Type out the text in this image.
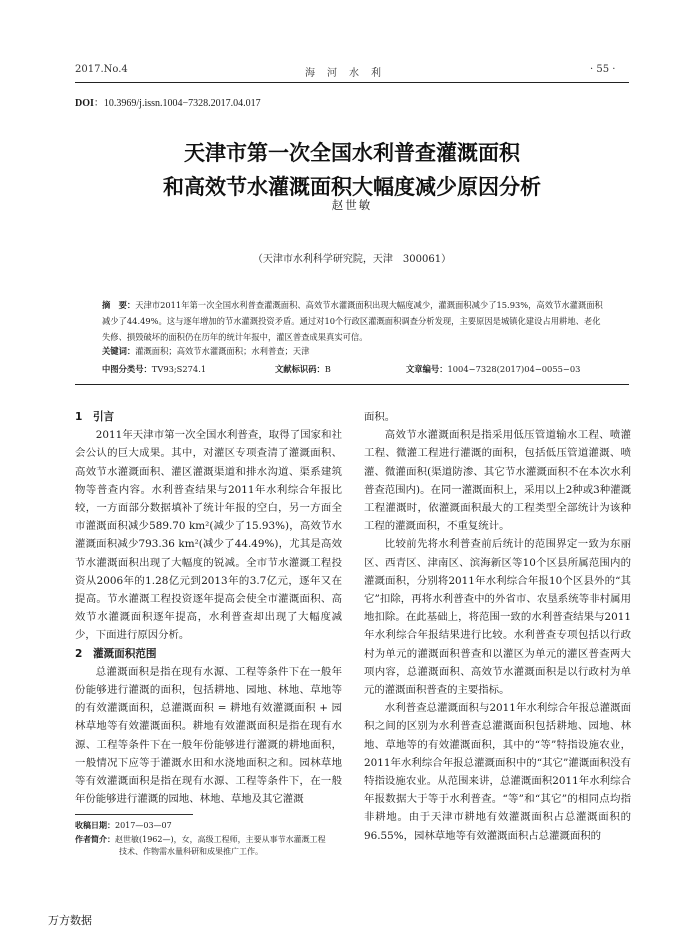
2017.No.4	海　河　水　利	· 55 ·
DOI：10.3969/j.issn.1004−7328.2017.04.017
天津市第一次全国水利普查灌溉面积
和高效节水灌溉面积大幅度减少原因分析
赵世敏
（天津市水利科学研究院，天津　300061）

摘　要：天津市2011年第一次全国水利普查灌溉面积、高效节水灌溉面积出现大幅度减少，灌溉面积减少了15.93%，高效节水灌溉面积减少了44.49%。这与逐年增加的节水灌溉投资矛盾。通过对10个行政区灌溉面积调查分析发现，主要原因是城镇化建设占用耕地、老化失修、損毁破坏的面积仍在历年的统计年报中，灌区普查成果真实可信。

关键词：灌溉面积；高效节水灌溉面积；水利普查；天津
中图分类号：TV93;S274.1	文献标识码：B	文章编号：1004−7328(2017)04−0055−03
1　引言

2011年天津市第一次全国水利普查，取得了国家和社会公认的巨大成果。其中，对灌区专项查清了灌溉面积、高效节水灌溉面积、灌区灌溉渠道和排水沟道、渠系建筑物等普查内容。水利普查结果与2011年水利综合年报比较，一方面部分数据填补了统计年报的空白，另一方面全市灌溉面积减少589.70 km²(减少了15.93%)，高效节水灌溉面积减少793.36 km²(减少了44.49%)，尤其是高效节水灌溉面积出现了大幅度的锐减。全市节水灌溉工程投资从2006年的1.28亿元到2013年的3.7亿元，逐年又在提高。节水灌溉工程投资逐年提高会使全市灌溉面积、高效节水灌溉面积逐年提高，水利普查却出现了大幅度减少，下面进行原因分析。

2　灌溉面积范围

总灌溉面积是指在现有水源、工程等条件下在一般年份能够进行灌溉的面积，包括耕地、园地、林地、草地等的有效灌溉面积，总灌溉面积 = 耕地有效灌溉面积 + 园林草地等有效灌溉面积。耕地有效灌溉面积是指在现有水源、工程等条件下在一般年份能够进行灌溉的耕地面积，一般情况下应等于灌溉水田和水浇地面积之和。园林草地等有效灌溉面积是指在现有水源、工程等条件下，在一般年份能够进行灌溉的园地、林地、草地及其它灌溉

面积。

高效节水灌溉面积是指采用低压管道输水工程、喷灌工程、微灌工程进行灌溉的面积，包括低压管道灌溉、喷灌、微灌面积(渠道防渗、其它节水灌溉面积不在本次水利普查范围内)。在同一灌溉面积上，采用以上2种或3种灌溉工程灌溉时，依灌溉面积最大的工程类型全部统计为该种工程的灌溉面积，不重复统计。

比较前先将水利普查前后统计的范围界定一致为东丽区、西青区、津南区、滨海新区等10个区县所属范围内的灌溉面积，分别将2011年水利综合年报10个区县外的“其它”扣除，再将水利普查中的外省市、农垦系统等非村属用地扣除。在此基础上，将范围一致的水利普查结果与2011年水利综合年报结果进行比较。水利普查专项包括以行政村为单元的灌溉面积普查和以灌区为单元的灌区普查两大项内容，总灌溉面积、高效节水灌溉面积是以行政村为单元的灌溉面积普查的主要指标。

水利普查总灌溉面积与2011年水利综合年报总灌溉面积之间的区别为水利普查总灌溉面积包括耕地、园地、林地、草地等的有效灌溉面积，其中的“等”特指设施农业，2011年水利综合年报总灌溉面积中的“其它”灌溉面积没有特指设施农业。从范围来讲，总灌溉面积2011年水利综合年报数据大于等于水利普查。“等”和“其它”的相同点均指非耕地。由于天津市耕地有效灌溉面积占总灌溉面积的96.55%，园林草地等有效灌溉面积占总灌溉面积的

收稿日期：2017—03—07
作者简介：赵世敏(1962—)，女，高级工程师，主要从事节水灌溉工程
技术、作物需水量科研和成果推广工作。
万方数据
